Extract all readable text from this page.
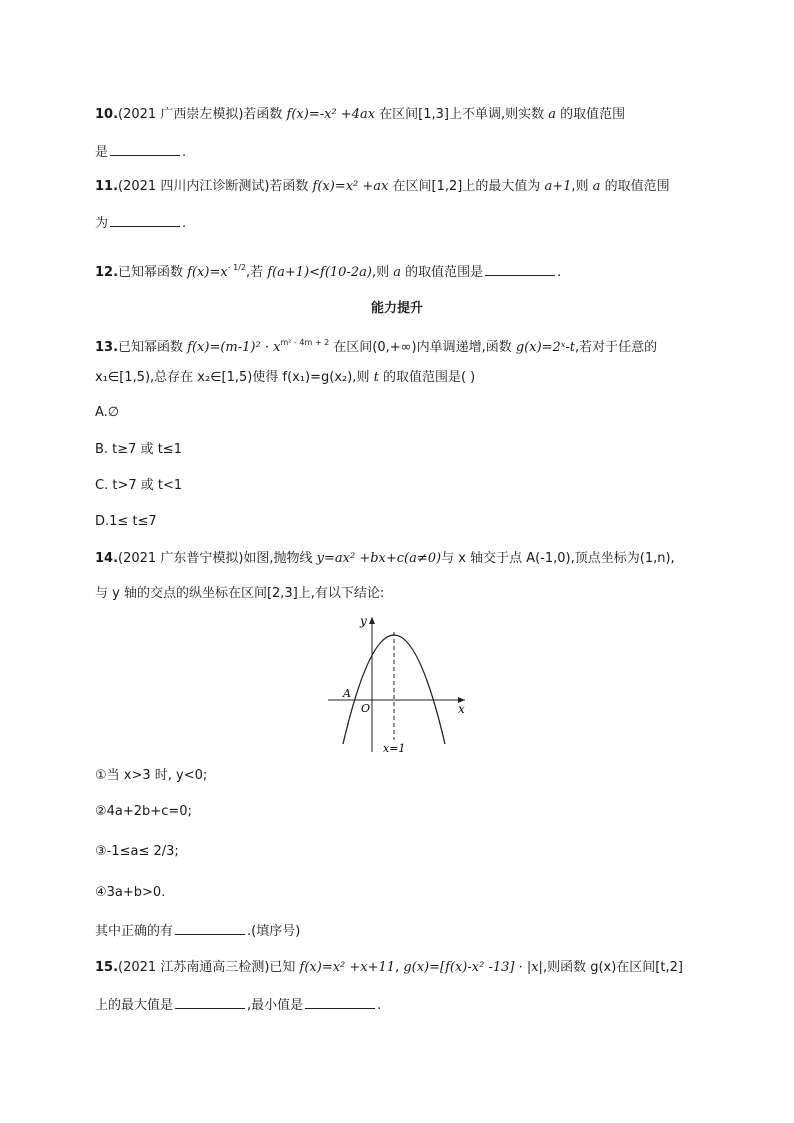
10.(2021 广西崇左模拟)若函数 f(x)=-x² +4ax 在区间[1,3]上不单调,则实数 a 的取值范围
是	.
11.(2021 四川内江诊断测试)若函数 f(x)=x² +ax 在区间[1,2]上的最大值为 a+1,则 a 的取值范围
为	.
12.已知幂函数 $f(x)=x^{- 1/2}$,若 f(a+1)<f(10-2a),则 a 的取值范围是	.
能力提升
13.已知幂函数 $f(x)=(m-1)^2 \cdot x^{m^2 - 4m + 2}$ 在区间(0,+∞)内单调递增,函数 g(x)=2ˣ-t,若对于任意的
x₁∈[1,5),总存在 x₂∈[1,5)使得 f(x₁)=g(x₂),则 t 的取值范围是( )
A.∅
B. t≥7 或 t≤1
C. t>7 或 t<1
D.1≤ t≤7
14.(2021 广东普宁模拟)如图,抛物线 y=ax² +bx+c(a≠0)与 x 轴交于点 A(-1,0),顶点坐标为(1,n),
与 y 轴的交点的纵坐标在区间[2,3]上,有以下结论:
y
x
O
A
x=1
①当 x>3 时, y<0;
②4a+2b+c=0;
③-1≤a≤ 2/3;
④3a+b>0.
其中正确的有	.(填序号)
15.(2021 江苏南通高三检测)已知 f(x)=x² +x+11, g(x)=[f(x)-x² -13] · |x|,则函数 g(x)在区间[t,2]
上的最大值是	,最小值是	.
